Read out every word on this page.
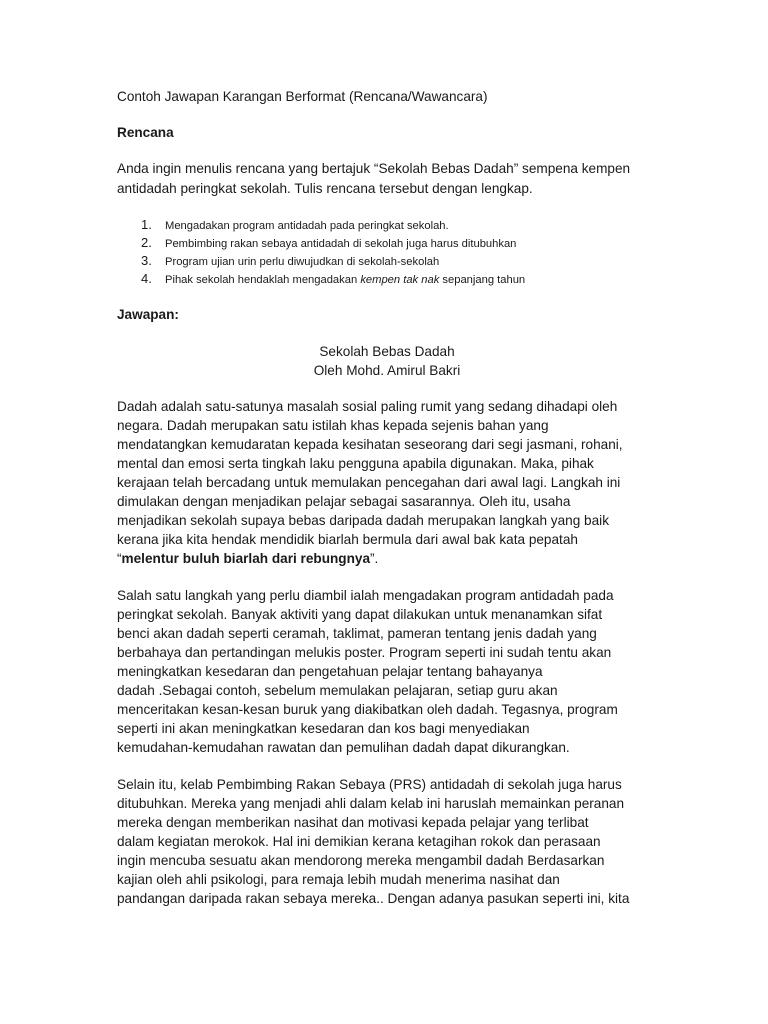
Contoh Jawapan Karangan Berformat (Rencana/Wawancara)
Rencana
Anda ingin menulis rencana yang bertajuk “Sekolah Bebas Dadah” sempena kempen
antidadah peringkat sekolah. Tulis rencana tersebut dengan lengkap.
1. Mengadakan program antidadah pada peringkat sekolah.
2. Pembimbing rakan sebaya antidadah di sekolah juga harus ditubuhkan
3. Program ujian urin perlu diwujudkan di sekolah-sekolah
4. Pihak sekolah hendaklah mengadakan kempen tak nak sepanjang tahun
Jawapan:
Sekolah Bebas Dadah
Oleh Mohd. Amirul Bakri
Dadah adalah satu-satunya masalah sosial paling rumit yang sedang dihadapi oleh
negara. Dadah merupakan satu istilah khas kepada sejenis bahan yang
mendatangkan kemudaratan kepada kesihatan seseorang dari segi jasmani, rohani,
mental dan emosi serta tingkah laku pengguna apabila digunakan. Maka, pihak
kerajaan telah bercadang untuk memulakan pencegahan dari awal lagi. Langkah ini
dimulakan dengan menjadikan pelajar sebagai sasarannya. Oleh itu, usaha
menjadikan sekolah supaya bebas daripada dadah merupakan langkah yang baik
kerana jika kita hendak mendidik biarlah bermula dari awal bak kata pepatah
“melentur buluh biarlah dari rebungnya”.
Salah satu langkah yang perlu diambil ialah mengadakan program antidadah pada
peringkat sekolah. Banyak aktiviti yang dapat dilakukan untuk menanamkan sifat
benci akan dadah seperti ceramah, taklimat, pameran tentang jenis dadah yang
berbahaya dan pertandingan melukis poster. Program seperti ini sudah tentu akan
meningkatkan kesedaran dan pengetahuan pelajar tentang bahayanya
dadah .Sebagai contoh, sebelum memulakan pelajaran, setiap guru akan
menceritakan kesan-kesan buruk yang diakibatkan oleh dadah. Tegasnya, program
seperti ini akan meningkatkan kesedaran dan kos bagi menyediakan
kemudahan-kemudahan rawatan dan pemulihan dadah dapat dikurangkan.
Selain itu, kelab Pembimbing Rakan Sebaya (PRS) antidadah di sekolah juga harus
ditubuhkan. Mereka yang menjadi ahli dalam kelab ini haruslah memainkan peranan
mereka dengan memberikan nasihat dan motivasi kepada pelajar yang terlibat
dalam kegiatan merokok. Hal ini demikian kerana ketagihan rokok dan perasaan
ingin mencuba sesuatu akan mendorong mereka mengambil dadah Berdasarkan
kajian oleh ahli psikologi, para remaja lebih mudah menerima nasihat dan
pandangan daripada rakan sebaya mereka.. Dengan adanya pasukan seperti ini, kita
